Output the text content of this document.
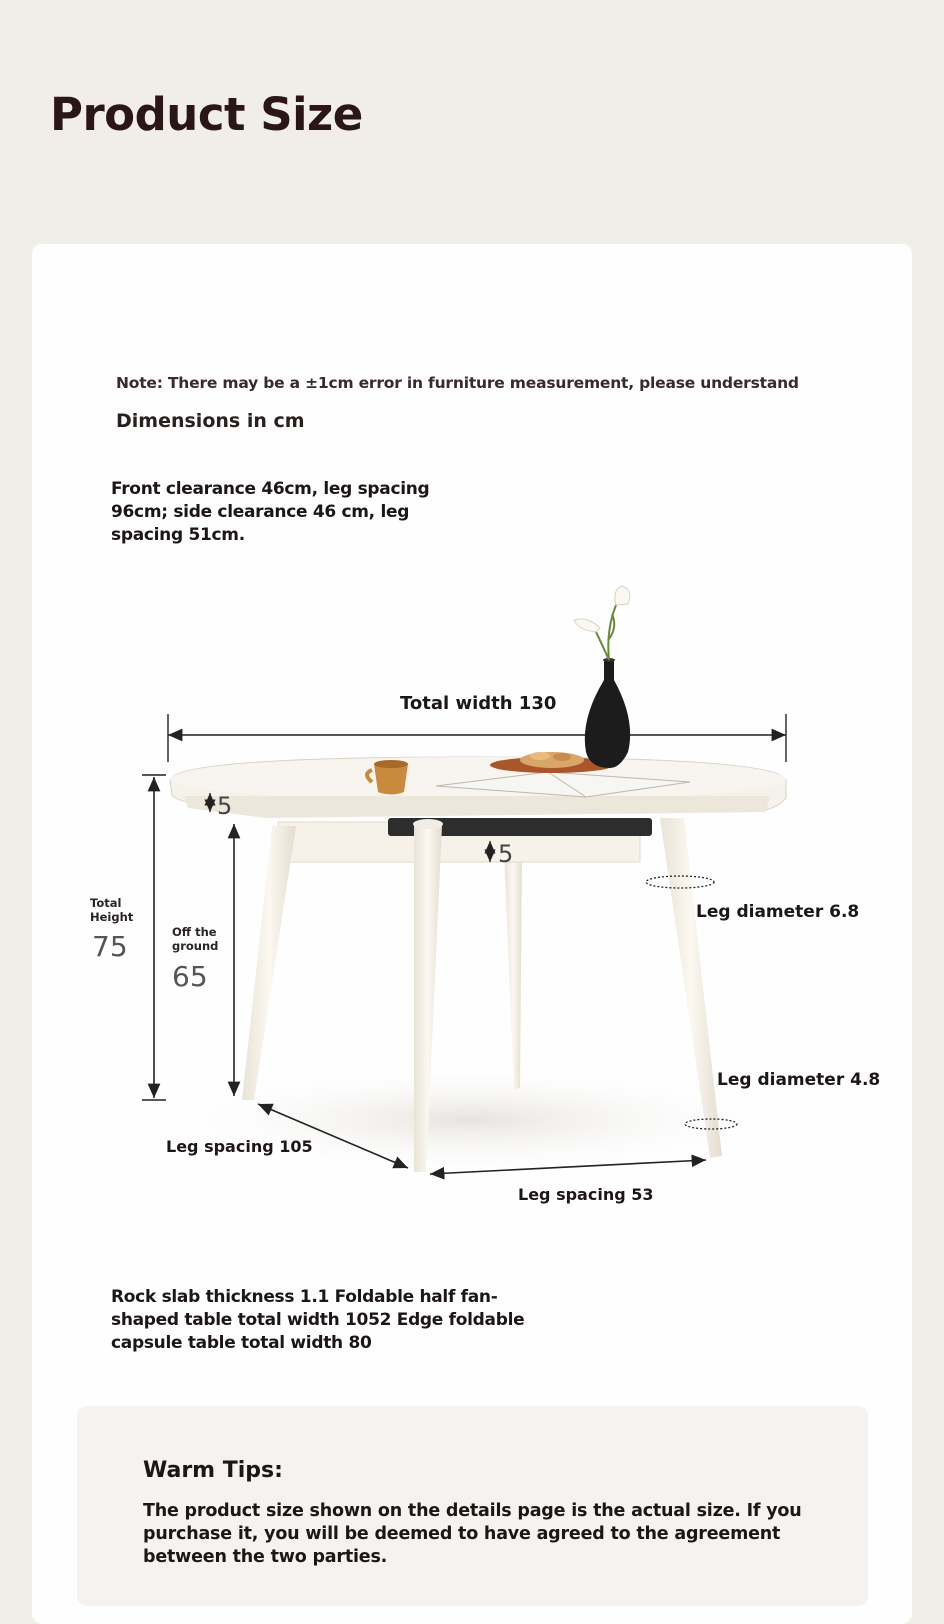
Product Size
Note: There may be a ±1cm error in furniture measurement, please understand
Dimensions in cm
Front clearance 46cm, leg spacing 96cm; side clearance 46 cm, leg spacing 51cm.
Total width 130
5
5
Total Height
75	Off the ground
65
Leg diameter 6.8
Leg diameter 4.8
Leg spacing 105
Leg spacing 53
Rock slab thickness 1.1 Foldable half fan-shaped table total width 1052 Edge foldable capsule table total width 80
Warm Tips:
The product size shown on the details page is the actual size. If you purchase it, you will be deemed to have agreed to the agreement between the two parties.
